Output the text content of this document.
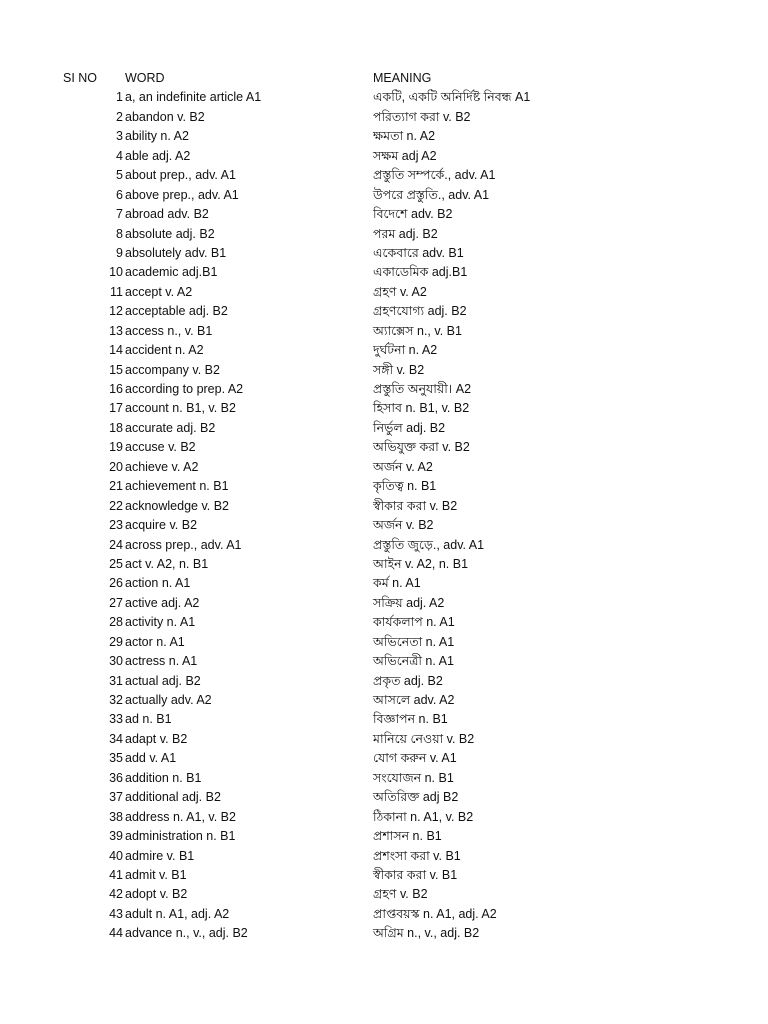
SI NO WORD	MEANING
1 a, an indefinite article A1	একটি, একটি অনির্দিষ্ট নিবন্ধ A1
2 abandon v. B2	পরিত্যাগ করা v. B2
3 ability n. A2	ক্ষমতা n. A2
4 able adj. A2	সক্ষম adj A2
5 about prep., adv. A1	প্রস্তুতি সম্পর্কে., adv. A1
6 above prep., adv. A1	উপরে প্রস্তুতি., adv. A1
7 abroad adv. B2	বিদেশে adv. B2
8 absolute adj. B2	পরম adj. B2
9 absolutely adv. B1	একেবারে adv. B1
10 academic adj.B1	একাডেমিক adj.B1
11 accept v. A2	গ্রহণ v. A2
12 acceptable adj. B2	গ্রহণযোগ্য adj. B2
13 access n., v. B1	অ্যাক্সেস n., v. B1
14 accident n. A2	দুর্ঘটনা n. A2
15 accompany v. B2	সঙ্গী v. B2
16 according to prep. A2	প্রস্তুতি অনুযায়ী। A2
17 account n. B1, v. B2	হিসাব n. B1, v. B2
18 accurate adj. B2	নির্ভুল adj. B2
19 accuse v. B2	অভিযুক্ত করা v. B2
20 achieve v. A2	অর্জন v. A2
21 achievement n. B1	কৃতিত্ব n. B1
22 acknowledge v. B2	স্বীকার করা v. B2
23 acquire v. B2	অর্জন v. B2
24 across prep., adv. A1	প্রস্তুতি জুড়ে., adv. A1
25 act v. A2, n. B1	আইন v. A2, n. B1
26 action n. A1	কর্ম n. A1
27 active adj. A2	সক্রিয় adj. A2
28 activity n. A1	কার্যকলাপ n. A1
29 actor n. A1	অভিনেতা n. A1
30 actress n. A1	অভিনেত্রী n. A1
31 actual adj. B2	প্রকৃত adj. B2
32 actually adv. A2	আসলে adv. A2
33 ad n. B1	বিজ্ঞাপন n. B1
34 adapt v. B2	মানিয়ে নেওয়া v. B2
35 add v. A1	যোগ করুন v. A1
36 addition n. B1	সংযোজন n. B1
37 additional adj. B2	অতিরিক্ত adj B2
38 address n. A1, v. B2	ঠিকানা n. A1, v. B2
39 administration n. B1	প্রশাসন n. B1
40 admire v. B1	প্রশংসা করা v. B1
41 admit v. B1	স্বীকার করা v. B1
42 adopt v. B2	গ্রহণ v. B2
43 adult n. A1, adj. A2	প্রাপ্তবয়স্ক n. A1, adj. A2
44 advance n., v., adj. B2	অগ্রিম n., v., adj. B2
